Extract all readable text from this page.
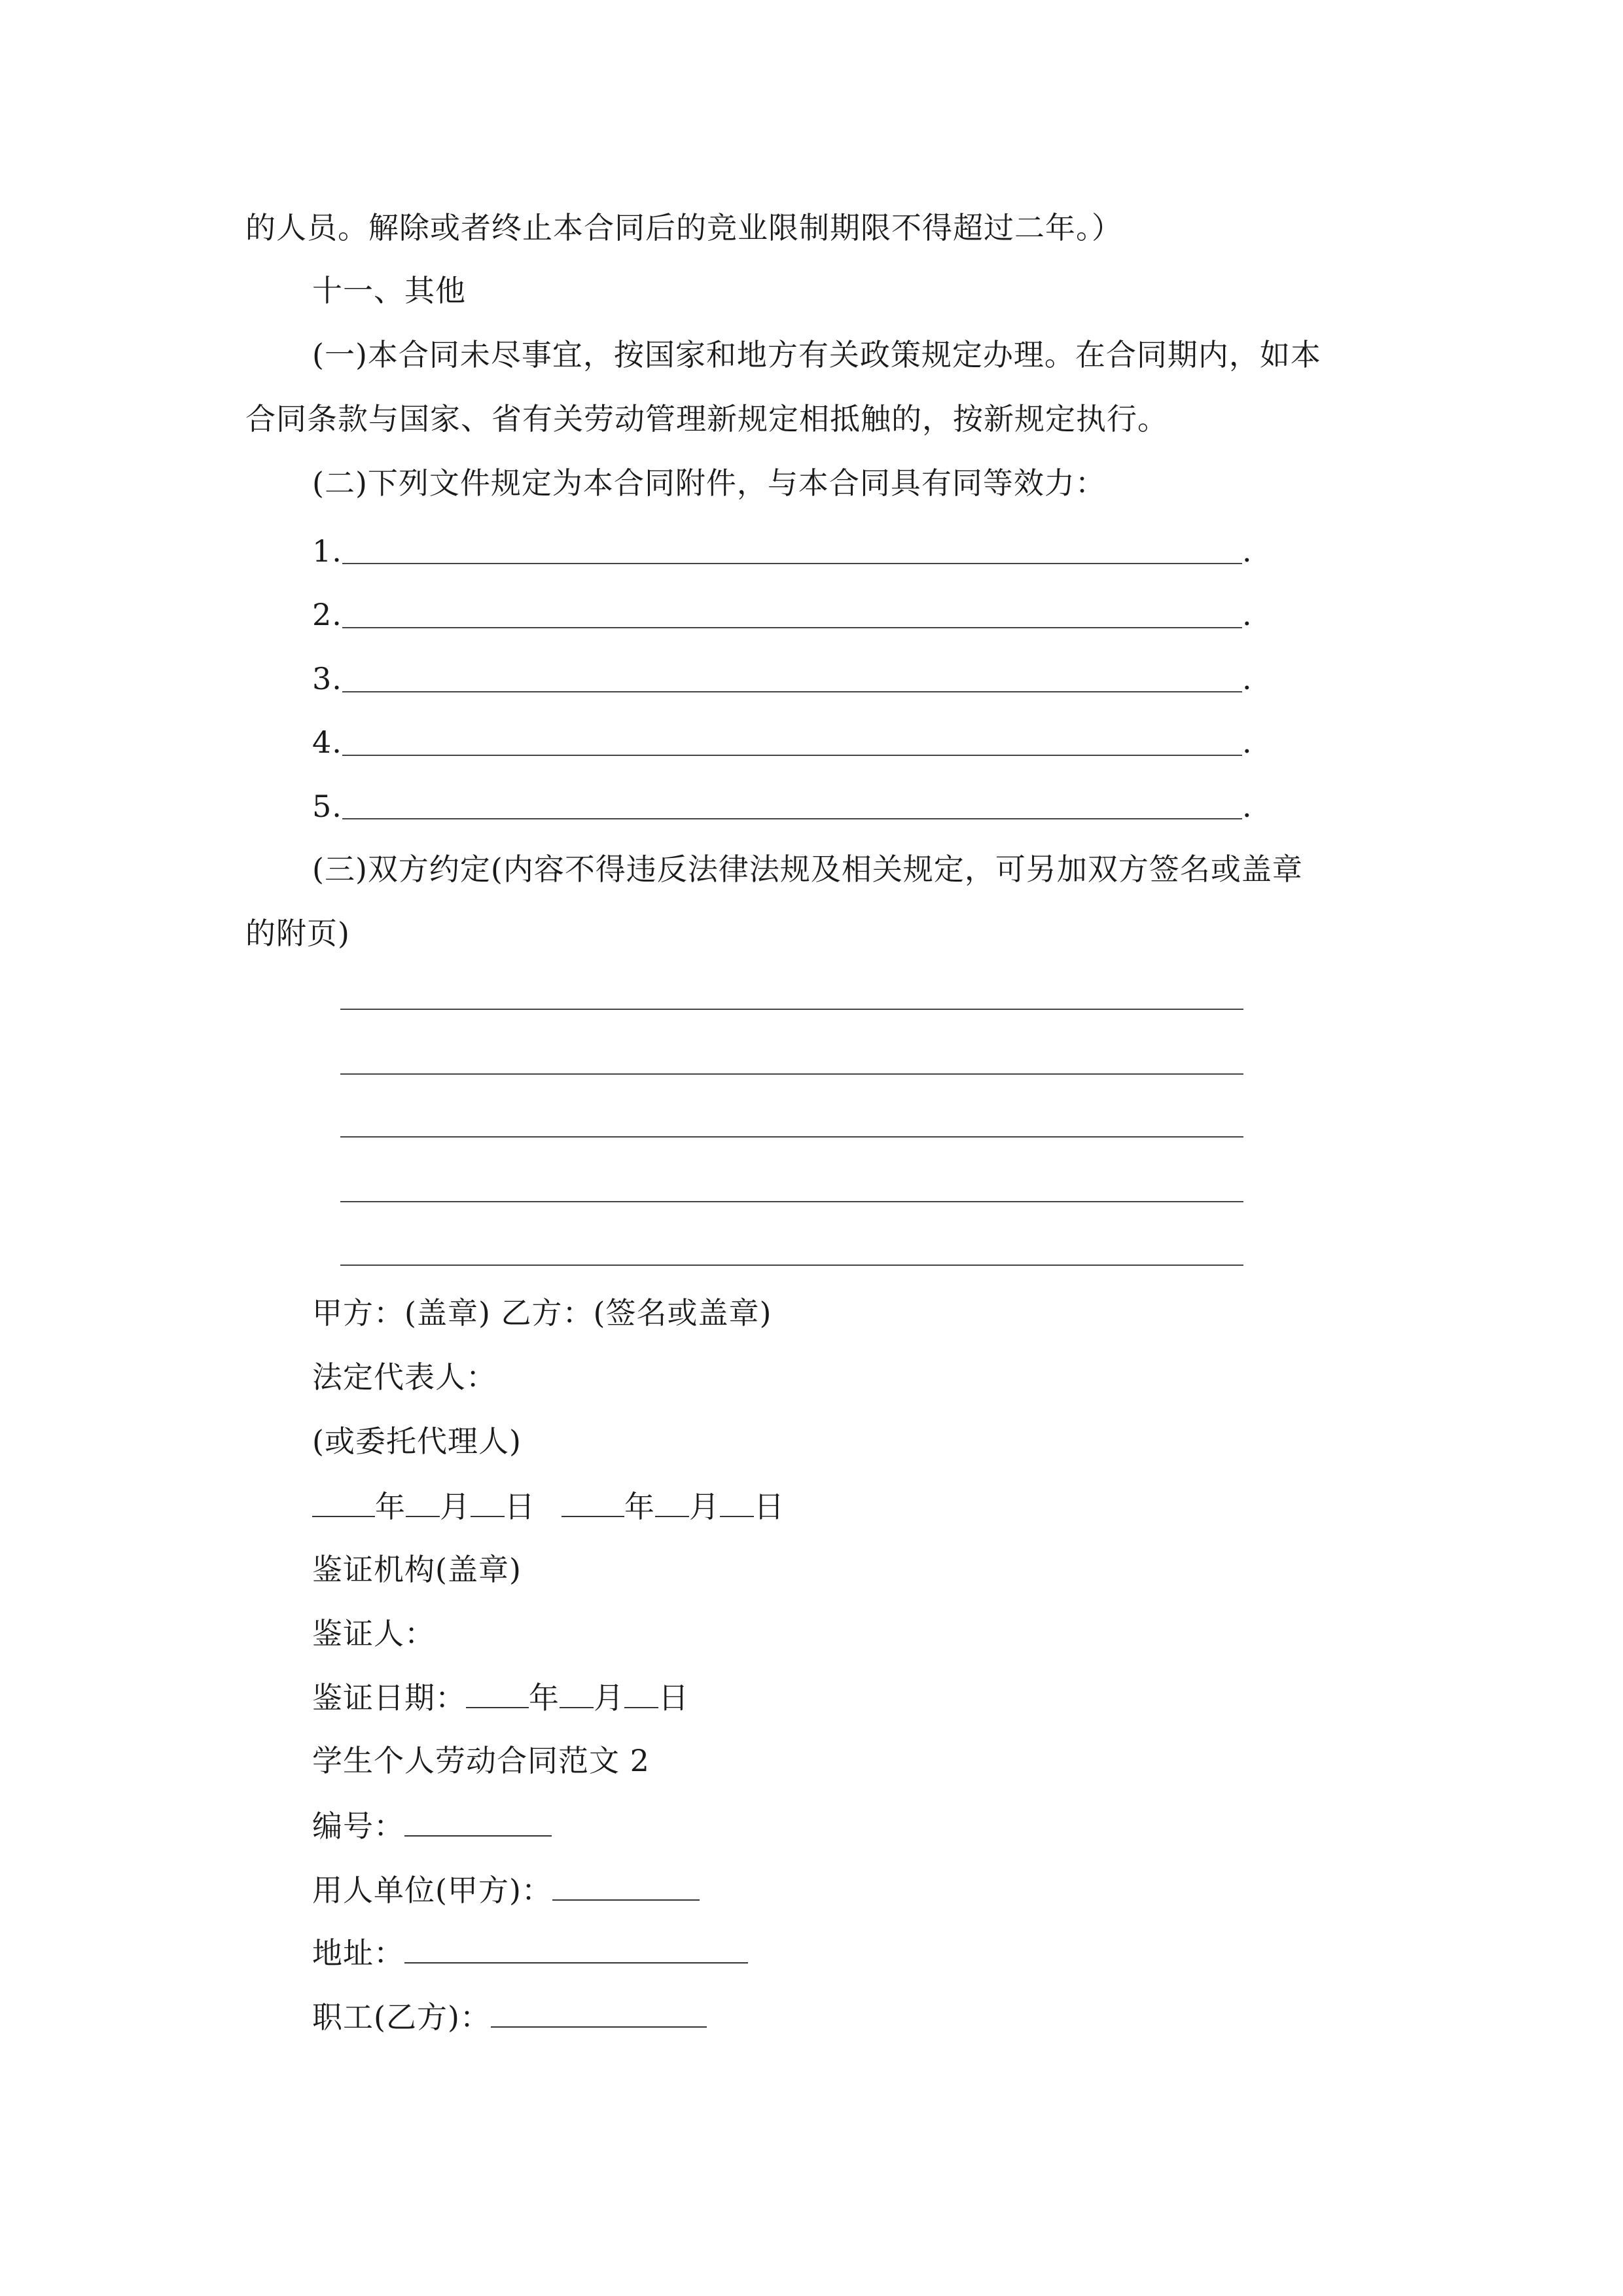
的人员。解除或者终止本合同后的竞业限制期限不得超过二年。）
十一、其他
(一)本合同未尽事宜，按国家和地方有关政策规定办理。在合同期内，如本
合同条款与国家、省有关劳动管理新规定相抵触的，按新规定执行。
(二)下列文件规定为本合同附件，与本合同具有同等效力：
1.	.
2.	.
3.	.
4.	.
5.	.
(三)双方约定(内容不得违反法律法规及相关规定，可另加双方签名或盖章
的附页)
甲方：(盖章) 乙方：(签名或盖章)
法定代表人：
(或委托代理人)
年 月 日	年 月 日
鉴证机构(盖章)
鉴证人：
鉴证日期： 年 月 日
学生个人劳动合同范文 2
编号：
用人单位(甲方)：
地址：
职工(乙方)：
